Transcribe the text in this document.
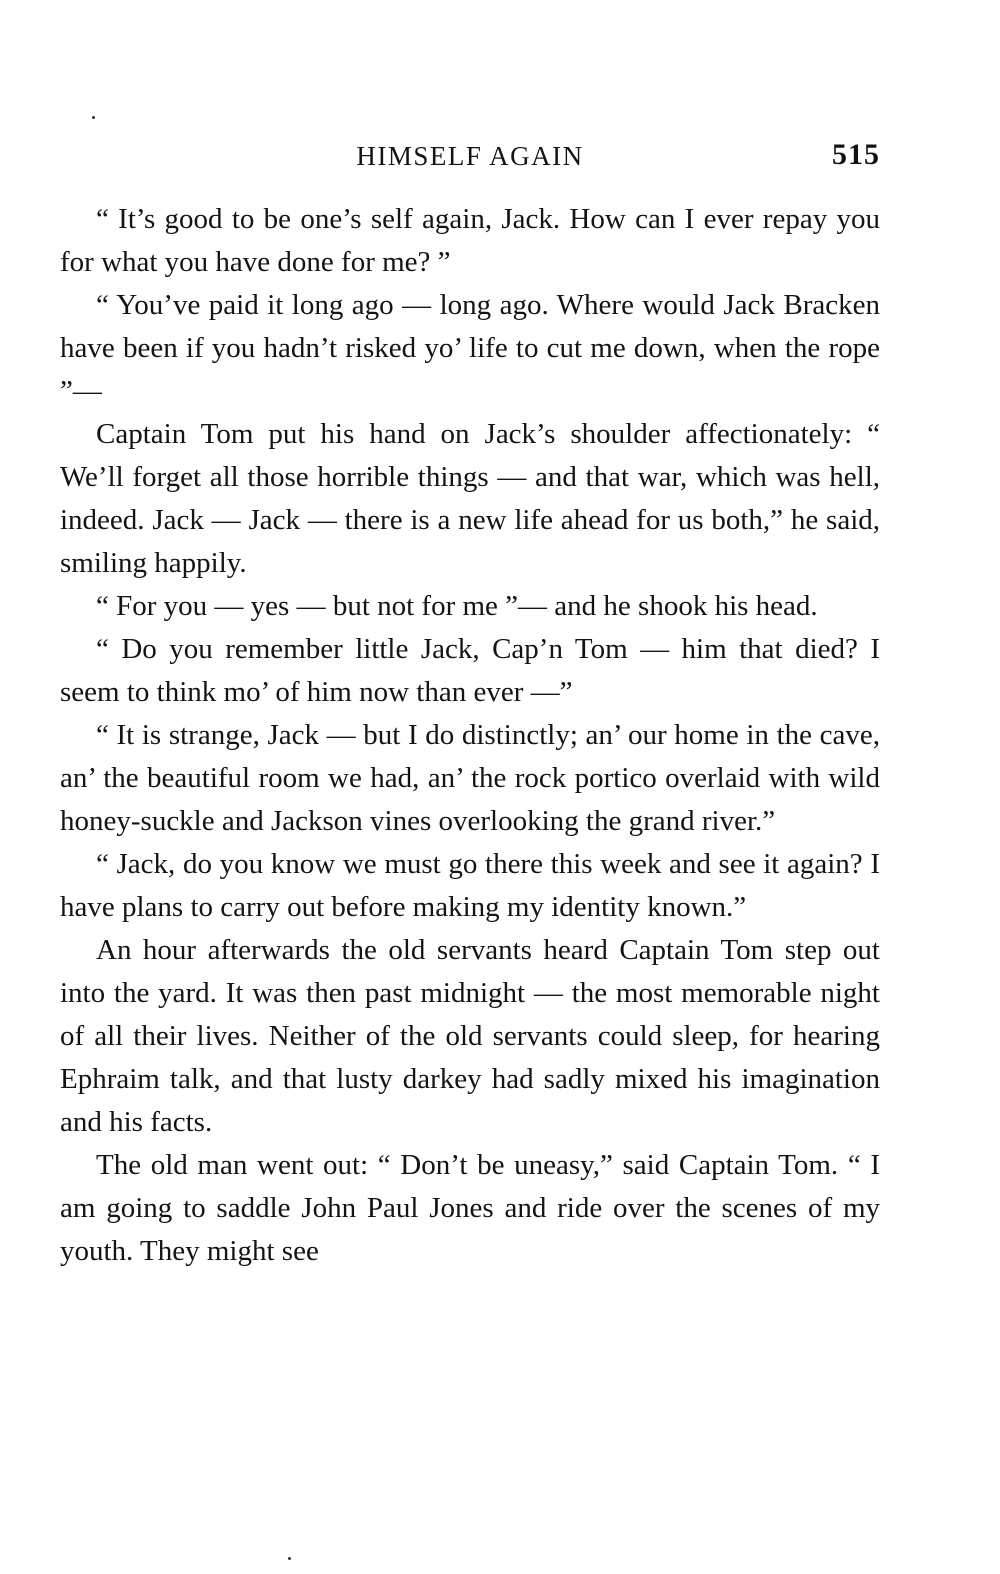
HIMSELF AGAIN	515

“ It’s good to be one’s self again, Jack. How can I ever repay you for what you have done for me? ”

“ You’ve paid it long ago — long ago. Where would Jack Bracken have been if you hadn’t risked yo’ life to cut me down, when the rope ”—

Captain Tom put his hand on Jack’s shoulder affectionately: “ We’ll forget all those horrible things — and that war, which was hell, indeed. Jack — Jack — there is a new life ahead for us both,” he said, smiling happily.

“ For you — yes — but not for me ”— and he shook his head.

“ Do you remember little Jack, Cap’n Tom — him that died? I seem to think mo’ of him now than ever —”

“ It is strange, Jack — but I do distinctly; an’ our home in the cave, an’ the beautiful room we had, an’ the rock portico overlaid with wild honey-suckle and Jackson vines overlooking the grand river.”

“ Jack, do you know we must go there this week and see it again? I have plans to carry out before making my identity known.”

An hour afterwards the old servants heard Captain Tom step out into the yard. It was then past midnight — the most memorable night of all their lives. Neither of the old servants could sleep, for hearing Ephraim talk, and that lusty darkey had sadly mixed his imagination and his facts.

The old man went out: “ Don’t be uneasy,” said Captain Tom. “ I am going to saddle John Paul Jones and ride over the scenes of my youth. They might see
